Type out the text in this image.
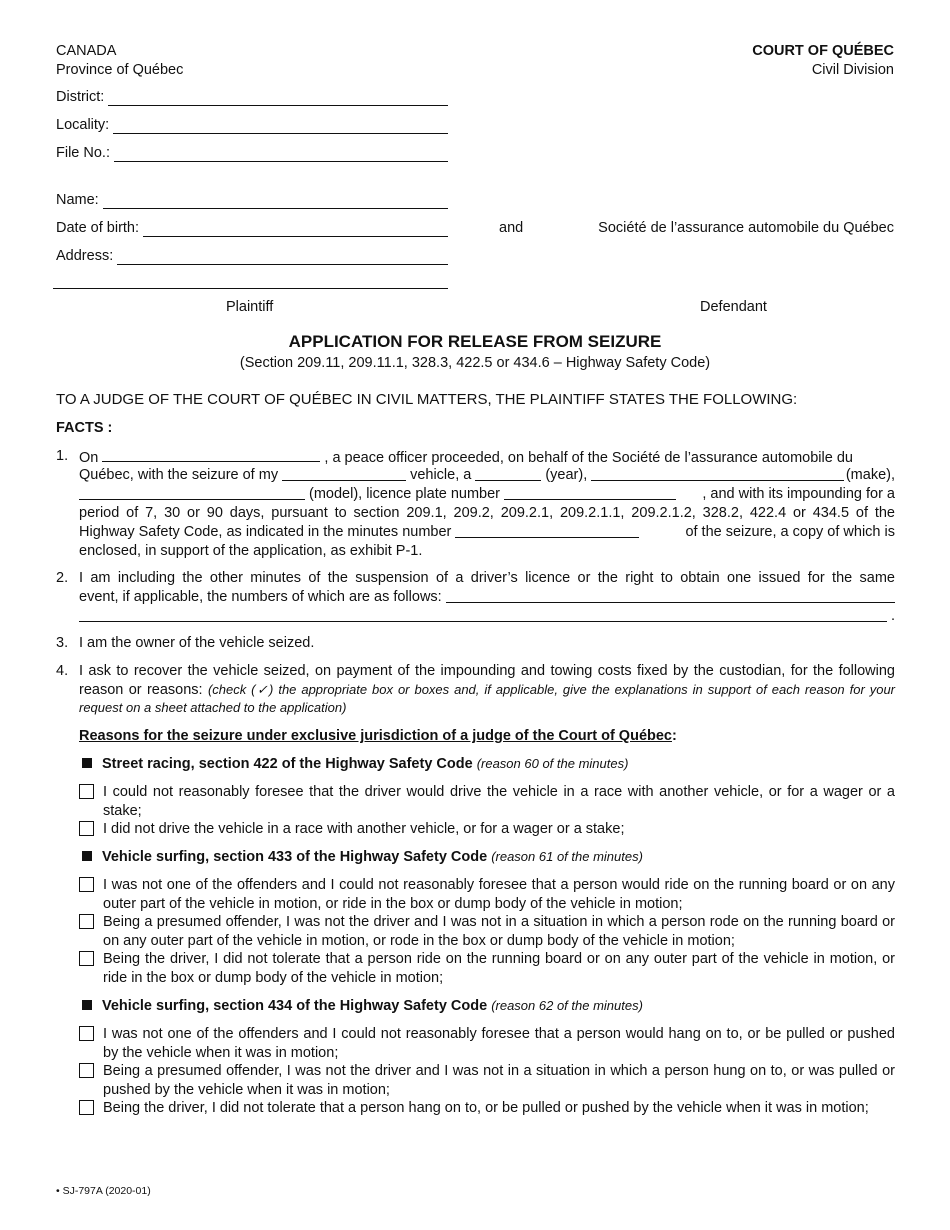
CANADA
Province of Québec
COURT OF QUÉBEC
Civil Division
District:
Locality:
File No.:
Name:
Date of birth:
Address:
and	Société de l’assurance automobile du Québec
Plaintiff	Defendant
APPLICATION FOR RELEASE FROM SEIZURE
(Section 209.11, 209.11.1, 328.3, 422.5 or 434.6 – Highway Safety Code)
TO A JUDGE OF THE COURT OF QUÉBEC IN CIVIL MATTERS, THE PLAINTIFF STATES THE FOLLOWING:
FACTS :
1. On	, a peace officer proceeded, on behalf of the Société de l’assurance automobile du
Québec, with the seizure of my	vehicle, a	(year),	(make),
(model), licence plate number	, and with its impounding for a
period of 7, 30 or 90 days, pursuant to section 209.1, 209.2, 209.2.1, 209.2.1.1, 209.2.1.2, 328.2, 422.4 or 434.5 of the
Highway Safety Code, as indicated in the minutes number	of the seizure, a copy of which is
enclosed, in support of the application, as exhibit P-1.
2. I am including the other minutes of the suspension of a driver’s licence or the right to obtain one issued for the same
event, if applicable, the numbers of which are as follows:
.
3. I am the owner of the vehicle seized.
4. I ask to recover the vehicle seized, on payment of the impounding and towing costs fixed by the custodian, for the following reason or reasons: (check (✓) the appropriate box or boxes and, if applicable, give the explanations in support of each reason for your request on a sheet attached to the application)
Reasons for the seizure under exclusive jurisdiction of a judge of the Court of Québec:
Street racing, section 422 of the Highway Safety Code (reason 60 of the minutes)
I could not reasonably foresee that the driver would drive the vehicle in a race with another vehicle, or for a wager or a stake;
I did not drive the vehicle in a race with another vehicle, or for a wager or a stake;
Vehicle surfing, section 433 of the Highway Safety Code (reason 61 of the minutes)
I was not one of the offenders and I could not reasonably foresee that a person would ride on the running board or on any outer part of the vehicle in motion, or ride in the box or dump body of the vehicle in motion;
Being a presumed offender, I was not the driver and I was not in a situation in which a person rode on the running board or on any outer part of the vehicle in motion, or rode in the box or dump body of the vehicle in motion;
Being the driver, I did not tolerate that a person ride on the running board or on any outer part of the vehicle in motion, or ride in the box or dump body of the vehicle in motion;
Vehicle surfing, section 434 of the Highway Safety Code (reason 62 of the minutes)
I was not one of the offenders and I could not reasonably foresee that a person would hang on to, or be pulled or pushed by the vehicle when it was in motion;
Being a presumed offender, I was not the driver and I was not in a situation in which a person hung on to, or was pulled or pushed by the vehicle when it was in motion;
Being the driver, I did not tolerate that a person hang on to, or be pulled or pushed by the vehicle when it was in motion;
• SJ-797A (2020-01)
